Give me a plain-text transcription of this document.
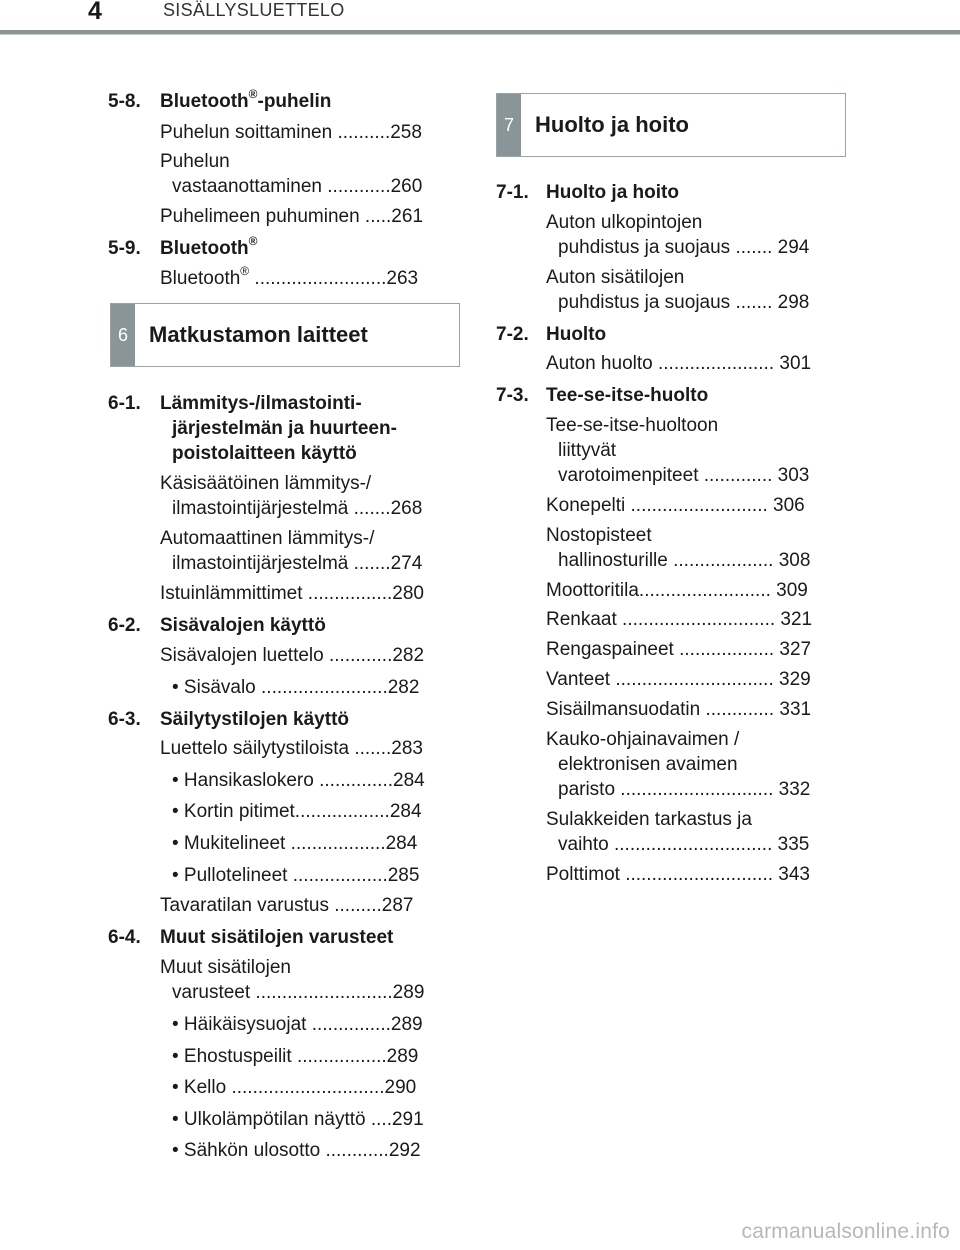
4	SISÄLLYSLUETTELO
5-8. Bluetooth®-puhelin
Puhelun soittaminen ..........258
Puhelun
vastaanottaminen ............260
Puhelimeen puhuminen .....261
5-9. Bluetooth®
Bluetooth® .........................263
6 Matkustamon laitteet
6-1. Lämmitys-/ilmastointi-
järjestelmän ja huurteen-
poistolaitteen käyttö
Käsisäätöinen lämmitys-/
ilmastointijärjestelmä .......268
Automaattinen lämmitys-/
ilmastointijärjestelmä .......274
Istuinlämmittimet ................280
6-2. Sisävalojen käyttö
Sisävalojen luettelo ............282
• Sisävalo ........................282
6-3. Säilytystilojen käyttö
Luettelo säilytystiloista .......283
• Hansikaslokero ..............284
• Kortin pitimet..................284
• Mukitelineet ..................284
• Pullotelineet ..................285
Tavaratilan varustus .........287
6-4. Muut sisätilojen varusteet
Muut sisätilojen
varusteet ..........................289
• Häikäisysuojat ...............289
• Ehostuspeilit .................289
• Kello .............................290
• Ulkolämpötilan näyttö ....291
• Sähkön ulosotto ............292
7 Huolto ja hoito
7-1. Huolto ja hoito
Auton ulkopintojen
puhdistus ja suojaus ....... 294
Auton sisätilojen
puhdistus ja suojaus ....... 298
7-2. Huolto
Auton huolto ...................... 301
7-3. Tee-se-itse-huolto
Tee-se-itse-huoltoon
liittyvät
varotoimenpiteet ............. 303
Konepelti .......................... 306
Nostopisteet
hallinosturille ................... 308
Moottoritila......................... 309
Renkaat ............................. 321
Rengaspaineet .................. 327
Vanteet .............................. 329
Sisäilmansuodatin ............. 331
Kauko-ohjainavaimen /
elektronisen avaimen
paristo ............................. 332
Sulakkeiden tarkastus ja
vaihto .............................. 335
Polttimot ............................ 343
carmanualsonline.info
